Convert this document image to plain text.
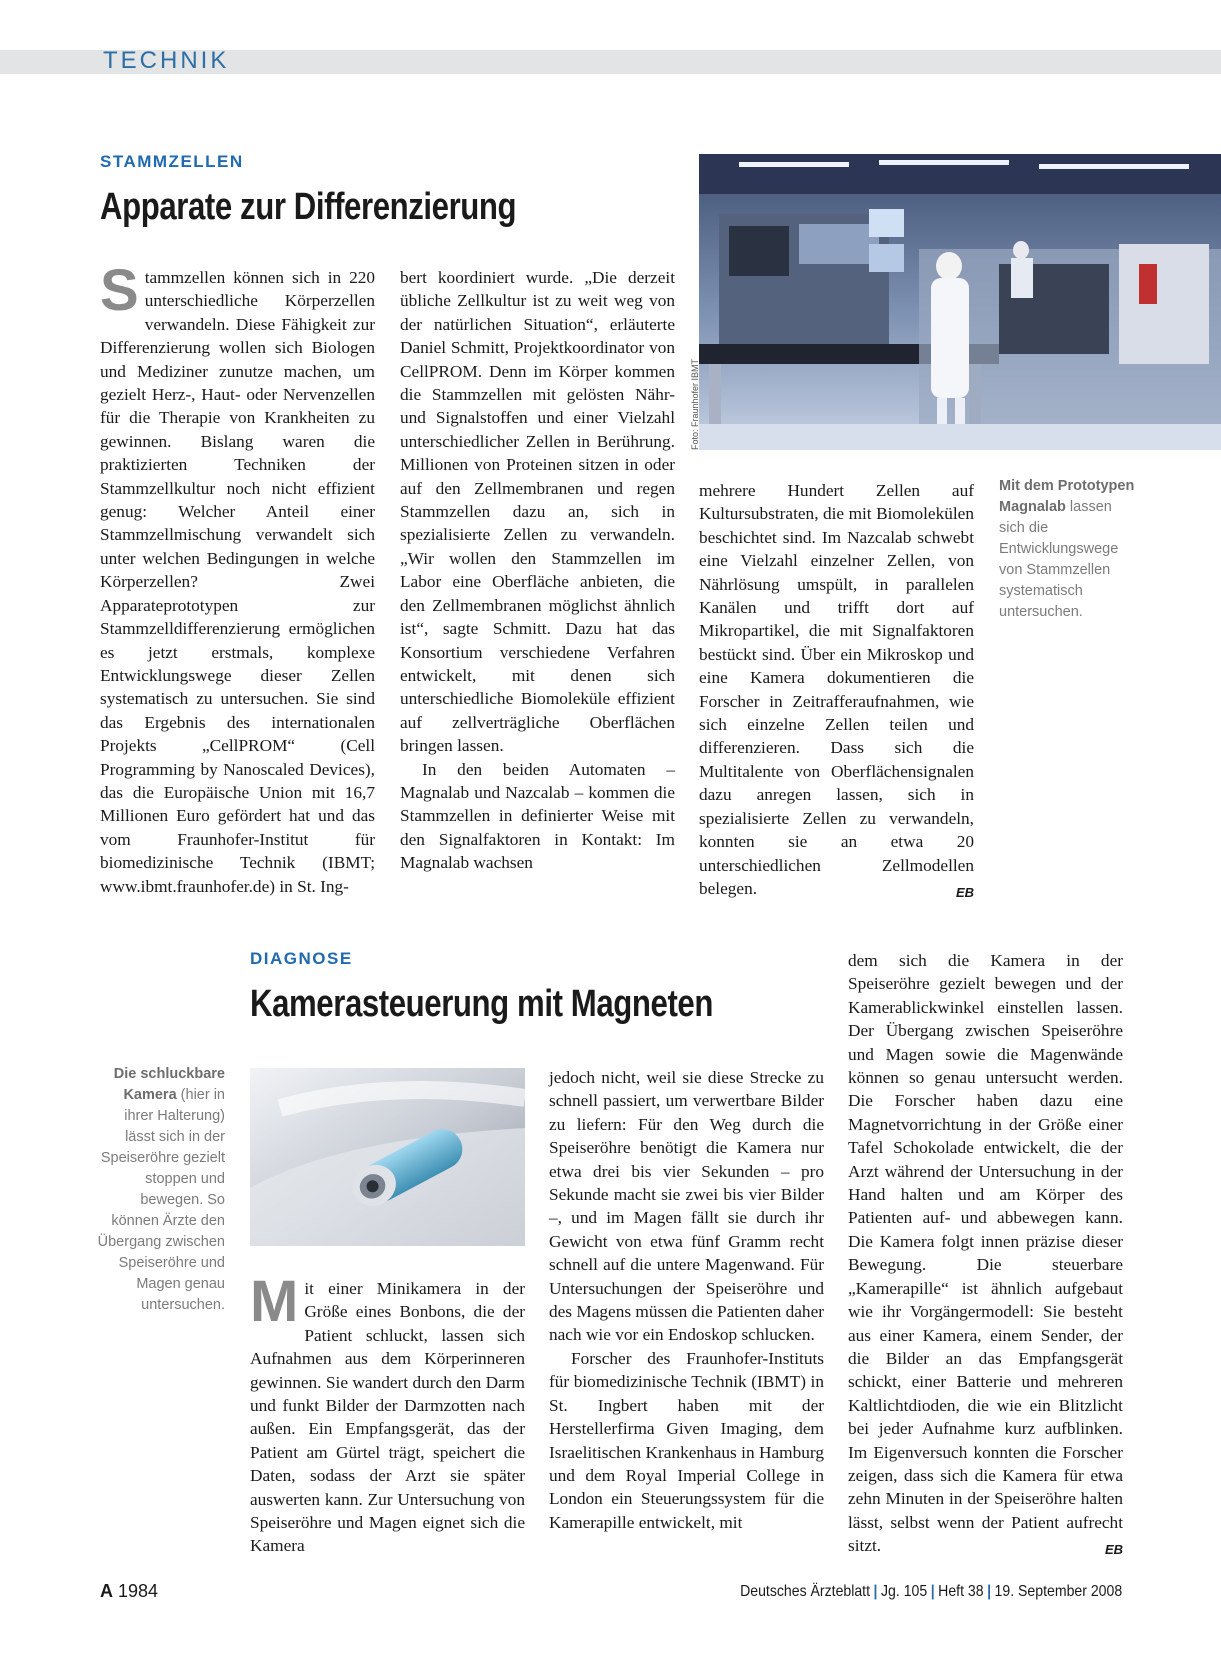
TECHNIK
STAMMZELLEN
Apparate zur Differenzierung

Stammzellen können sich in 220 unterschiedliche Körperzellen verwandeln. Diese Fähigkeit zur Differenzierung wollen sich Biologen und Mediziner zunutze machen, um gezielt Herz-, Haut- oder Nervenzellen für die Therapie von Krankheiten zu gewinnen. Bislang waren die praktizierten Techniken der Stammzellkultur noch nicht effizient genug: Welcher Anteil einer Stammzellmischung verwandelt sich unter welchen Bedingungen in welche Körperzellen? Zwei Apparateprototypen zur Stammzelldifferenzierung ermöglichen es jetzt erstmals, komplexe Entwicklungswege dieser Zellen systematisch zu untersuchen. Sie sind das Ergebnis des internationalen Projekts „CellPROM“ (Cell Programming by Nanoscaled Devices), das die Europäische Union mit 16,7 Millionen Euro gefördert hat und das vom Fraunhofer-Institut für biomedizinische Technik (IBMT; www.ibmt.fraunhofer.de) in St. Ing-

bert koordiniert wurde. „Die derzeit übliche Zellkultur ist zu weit weg von der natürlichen Situation“, erläuterte Daniel Schmitt, Projektkoordinator von CellPROM. Denn im Körper kommen die Stammzellen mit gelösten Nähr- und Signalstoffen und einer Vielzahl unterschiedlicher Zellen in Berührung. Millionen von Proteinen sitzen in oder auf den Zellmembranen und regen Stammzellen dazu an, sich in spezialisierte Zellen zu verwandeln. „Wir wollen den Stammzellen im Labor eine Oberfläche anbieten, die den Zellmembranen möglichst ähnlich ist“, sagte Schmitt. Dazu hat das Konsortium verschiedene Verfahren entwickelt, mit denen sich unterschiedliche Biomoleküle effizient auf zellverträgliche Oberflächen bringen lassen.

In den beiden Automaten – Magnalab und Nazcalab – kommen die Stammzellen in definierter Weise mit den Signalfaktoren in Kontakt: Im Magnalab wachsen

Foto: Fraunhofer IBMT

mehrere Hundert Zellen auf Kultursubstraten, die mit Biomolekülen beschichtet sind. Im Nazcalab schwebt eine Vielzahl einzelner Zellen, von Nährlösung umspült, in parallelen Kanälen und trifft dort auf Mikropartikel, die mit Signalfaktoren bestückt sind. Über ein Mikroskop und eine Kamera dokumentieren die Forscher in Zeitrafferaufnahmen, wie sich einzelne Zellen teilen und differenzieren. Dass sich die Multitalente von Oberflächensignalen dazu anregen lassen, sich in spezialisierte Zellen zu verwandeln, konnten sie an etwa 20 unterschiedlichen Zellmodellen belegen.	EB

Mit dem Prototypen Magnalab lassen sich die Entwicklungswege von Stammzellen systematisch untersuchen.
DIAGNOSE
Kamerasteuerung mit Magneten
Die schluckbare Kamera (hier in ihrer Halterung) lässt sich in der Speiseröhre gezielt stoppen und bewegen. So können Ärzte den Übergang zwischen Speiseröhre und Magen genau untersuchen. Mit einer Minikamera in der Größe eines Bonbons, die der Patient schluckt, lassen sich Aufnahmen aus dem Körperinneren gewinnen. Sie wandert durch den Darm und funkt Bilder der Darmzotten nach außen. Ein Empfangsgerät, das der Patient am Gürtel trägt, speichert die Daten, sodass der Arzt sie später auswerten kann. Zur Untersuchung von Speiseröhre und Magen eignet sich die Kamera

jedoch nicht, weil sie diese Strecke zu schnell passiert, um verwertbare Bilder zu liefern: Für den Weg durch die Speiseröhre benötigt die Kamera nur etwa drei bis vier Sekunden – pro Sekunde macht sie zwei bis vier Bilder –, und im Magen fällt sie durch ihr Gewicht von etwa fünf Gramm recht schnell auf die untere Magenwand. Für Untersuchungen der Speiseröhre und des Magens müssen die Patienten daher nach wie vor ein Endoskop schlucken.

Forscher des Fraunhofer-Instituts für biomedizinische Technik (IBMT) in St. Ingbert haben mit der Herstellerfirma Given Imaging, dem Israelitischen Krankenhaus in Hamburg und dem Royal Imperial College in London ein Steuerungssystem für die Kamerapille entwickelt, mit

dem sich die Kamera in der Speiseröhre gezielt bewegen und der Kamerablickwinkel einstellen lassen. Der Übergang zwischen Speiseröhre und Magen sowie die Magenwände können so genau untersucht werden. Die Forscher haben dazu eine Magnetvorrichtung in der Größe einer Tafel Schokolade entwickelt, die der Arzt während der Untersuchung in der Hand halten und am Körper des Patienten auf- und abbewegen kann. Die Kamera folgt innen präzise dieser Bewegung. Die steuerbare „Kamerapille“ ist ähnlich aufgebaut wie ihr Vorgängermodell: Sie besteht aus einer Kamera, einem Sender, der die Bilder an das Empfangsgerät schickt, einer Batterie und mehreren Kaltlichtdioden, die wie ein Blitzlicht bei jeder Aufnahme kurz aufblinken. Im Eigenversuch konnten die Forscher zeigen, dass sich die Kamera für etwa zehn Minuten in der Speiseröhre halten lässt, selbst wenn der Patient aufrecht sitzt.	EB

A 1984	Deutsches Ärzteblatt | Jg. 105 | Heft 38 | 19. September 2008
